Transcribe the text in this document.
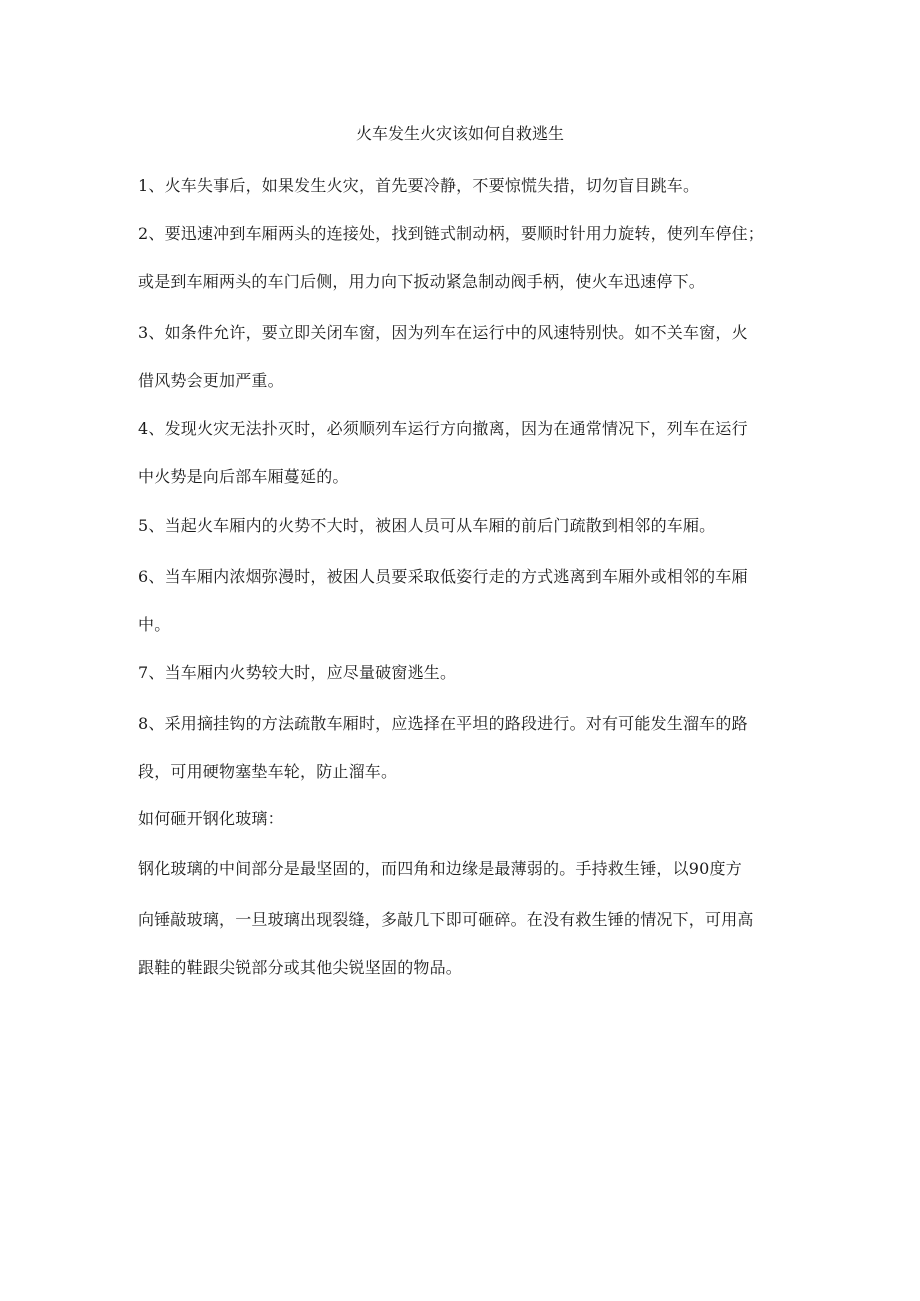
火车发生火灾该如何自救逃生
1、火车失事后，如果发生火灾，首先要冷静，不要惊慌失措，切勿盲目跳车。
2、要迅速冲到车厢两头的连接处，找到链式制动柄，要顺时针用力旋转，使列车停住；
或是到车厢两头的车门后侧，用力向下扳动紧急制动阀手柄，使火车迅速停下。
3、如条件允许，要立即关闭车窗，因为列车在运行中的风速特别快。如不关车窗，火
借风势会更加严重。
4、发现火灾无法扑灭时，必须顺列车运行方向撤离，因为在通常情况下，列车在运行
中火势是向后部车厢蔓延的。
5、当起火车厢内的火势不大时，被困人员可从车厢的前后门疏散到相邻的车厢。
6、当车厢内浓烟弥漫时，被困人员要采取低姿行走的方式逃离到车厢外或相邻的车厢
中。
7、当车厢内火势较大时，应尽量破窗逃生。
8、采用摘挂钩的方法疏散车厢时，应选择在平坦的路段进行。对有可能发生溜车的路
段，可用硬物塞垫车轮，防止溜车。
如何砸开钢化玻璃：
钢化玻璃的中间部分是最坚固的，而四角和边缘是最薄弱的。手持救生锤，以90度方
向锤敲玻璃，一旦玻璃出现裂缝，多敲几下即可砸碎。在没有救生锤的情况下，可用高
跟鞋的鞋跟尖锐部分或其他尖锐坚固的物品。
